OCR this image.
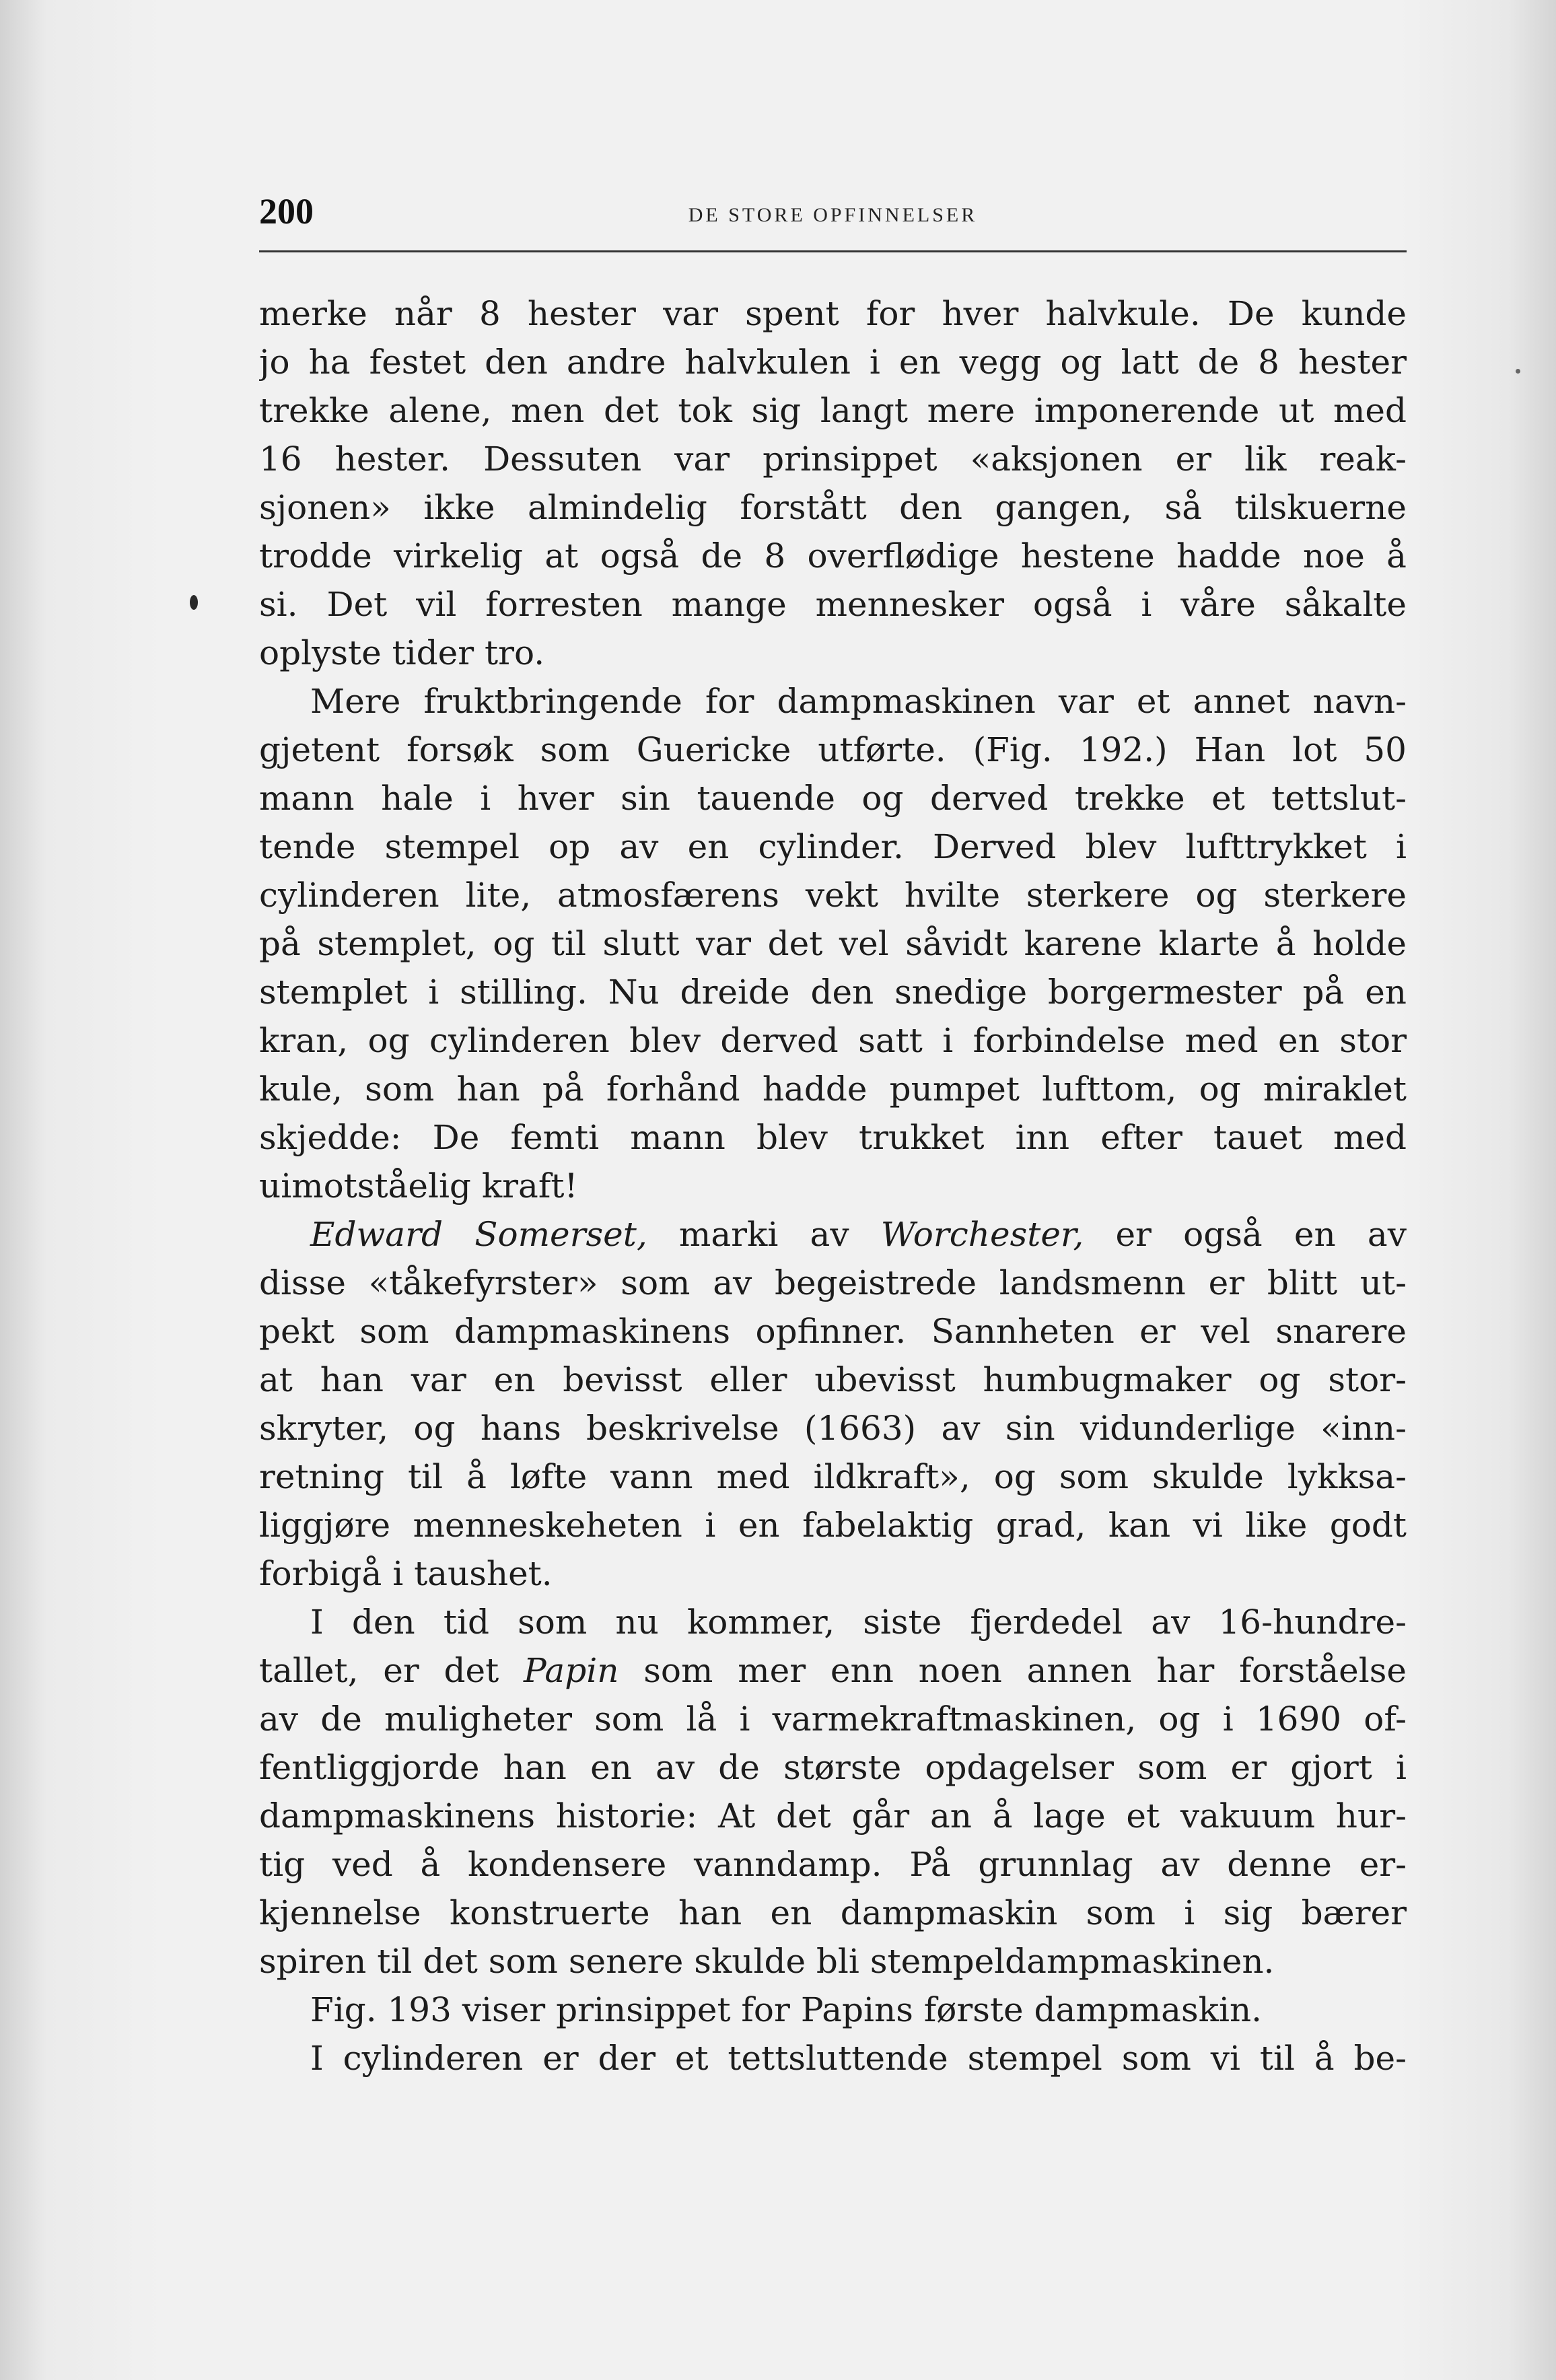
200	DE STORE OPFINNELSER
merke når 8 hester var spent for hver halvkule. De kunde
jo ha festet den andre halvkulen i en vegg og latt de 8 hester
trekke alene, men det tok sig langt mere imponerende ut med
16 hester. Dessuten var prinsippet «aksjonen er lik reak-
sjonen» ikke almindelig forstått den gangen, så tilskuerne
trodde virkelig at også de 8 overflødige hestene hadde noe å
si. Det vil forresten mange mennesker også i våre såkalte
oplyste tider tro.
Mere fruktbringende for dampmaskinen var et annet navn-
gjetent forsøk som Guericke utførte. (Fig. 192.) Han lot 50
mann hale i hver sin tauende og derved trekke et tettslut-
tende stempel op av en cylinder. Derved blev lufttrykket i
cylinderen lite, atmosfærens vekt hvilte sterkere og sterkere
på stemplet, og til slutt var det vel såvidt karene klarte å holde
stemplet i stilling. Nu dreide den snedige borgermester på en
kran, og cylinderen blev derved satt i forbindelse med en stor
kule, som han på forhånd hadde pumpet lufttom, og miraklet
skjedde: De femti mann blev trukket inn efter tauet med
uimotståelig kraft!
Edward Somerset, marki av Worchester, er også en av
disse «tåkefyrster» som av begeistrede landsmenn er blitt ut-
pekt som dampmaskinens opfinner. Sannheten er vel snarere
at han var en bevisst eller ubevisst humbugmaker og stor-
skryter, og hans beskrivelse (1663) av sin vidunderlige «inn-
retning til å løfte vann med ildkraft», og som skulde lykksa-
liggjøre menneskeheten i en fabelaktig grad, kan vi like godt
forbigå i taushet.
I den tid som nu kommer, siste fjerdedel av 16-hundre-
tallet, er det Papin som mer enn noen annen har forståelse
av de muligheter som lå i varmekraftmaskinen, og i 1690 of-
fentliggjorde han en av de største opdagelser som er gjort i
dampmaskinens historie: At det går an å lage et vakuum hur-
tig ved å kondensere vanndamp. På grunnlag av denne er-
kjennelse konstruerte han en dampmaskin som i sig bærer
spiren til det som senere skulde bli stempeldampmaskinen.
Fig. 193 viser prinsippet for Papins første dampmaskin.
I cylinderen er der et tettsluttende stempel som vi til å be-
